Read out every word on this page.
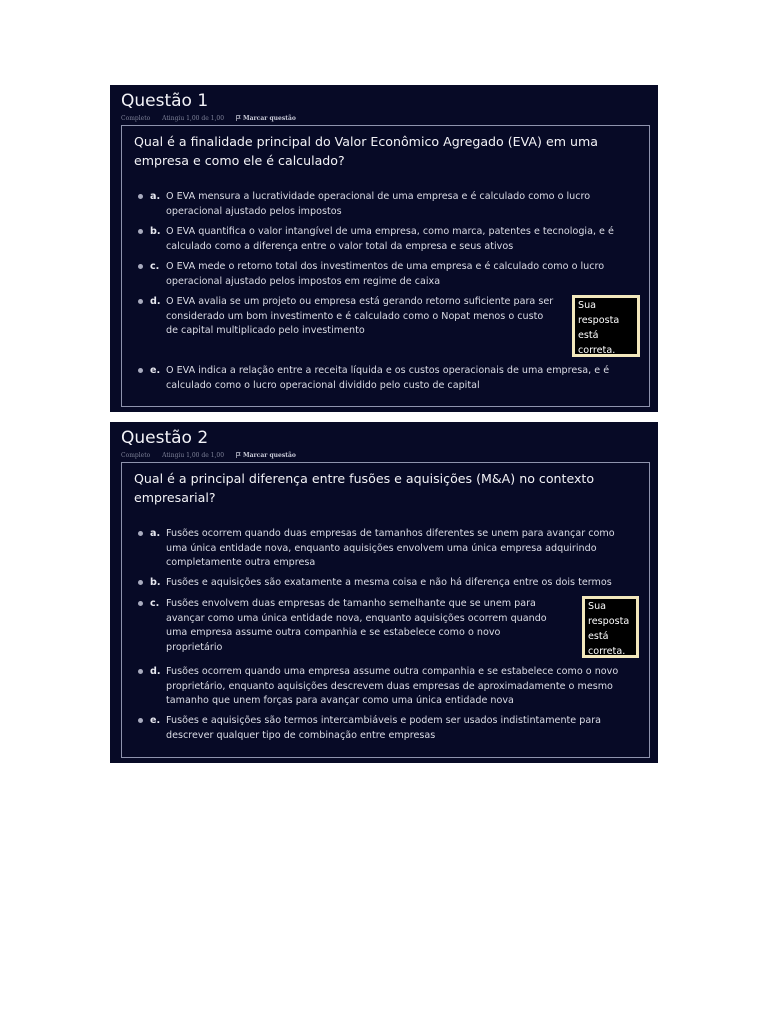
Questão 1
Completo Atingiu 1,00 de 1,00	Marcar questão
Qual é a finalidade principal do Valor Econômico Agregado (EVA) em uma empresa e como ele é calculado?
a. O EVA mensura a lucratividade operacional de uma empresa e é calculado como o lucro operacional ajustado pelos impostos
b. O EVA quantifica o valor intangível de uma empresa, como marca, patentes e tecnologia, e é calculado como a diferença entre o valor total da empresa e seus ativos
c. O EVA mede o retorno total dos investimentos de uma empresa e é calculado como o lucro operacional ajustado pelos impostos em regime de caixa
d. O EVA avalia se um projeto ou empresa está gerando retorno suficiente para ser considerado um bom investimento e é calculado como o Nopat menos o custo de capital multiplicado pelo investimento
Sua
resposta
está
correta.
e. O EVA indica a relação entre a receita líquida e os custos operacionais de uma empresa, e é calculado como o lucro operacional dividido pelo custo de capital
Questão 2
Completo Atingiu 1,00 de 1,00	Marcar questão
Qual é a principal diferença entre fusões e aquisições (M&A) no contexto empresarial?
a. Fusões ocorrem quando duas empresas de tamanhos diferentes se unem para avançar como uma única entidade nova, enquanto aquisições envolvem uma única empresa adquirindo completamente outra empresa
b. Fusões e aquisições são exatamente a mesma coisa e não há diferença entre os dois termos
c. Fusões envolvem duas empresas de tamanho semelhante que se unem para avançar como uma única entidade nova, enquanto aquisições ocorrem quando uma empresa assume outra companhia e se estabelece como o novo proprietário
Sua
resposta
está
correta.
d. Fusões ocorrem quando uma empresa assume outra companhia e se estabelece como o novo proprietário, enquanto aquisições descrevem duas empresas de aproximadamente o mesmo tamanho que unem forças para avançar como uma única entidade nova
e. Fusões e aquisições são termos intercambiáveis e podem ser usados indistintamente para descrever qualquer tipo de combinação entre empresas
